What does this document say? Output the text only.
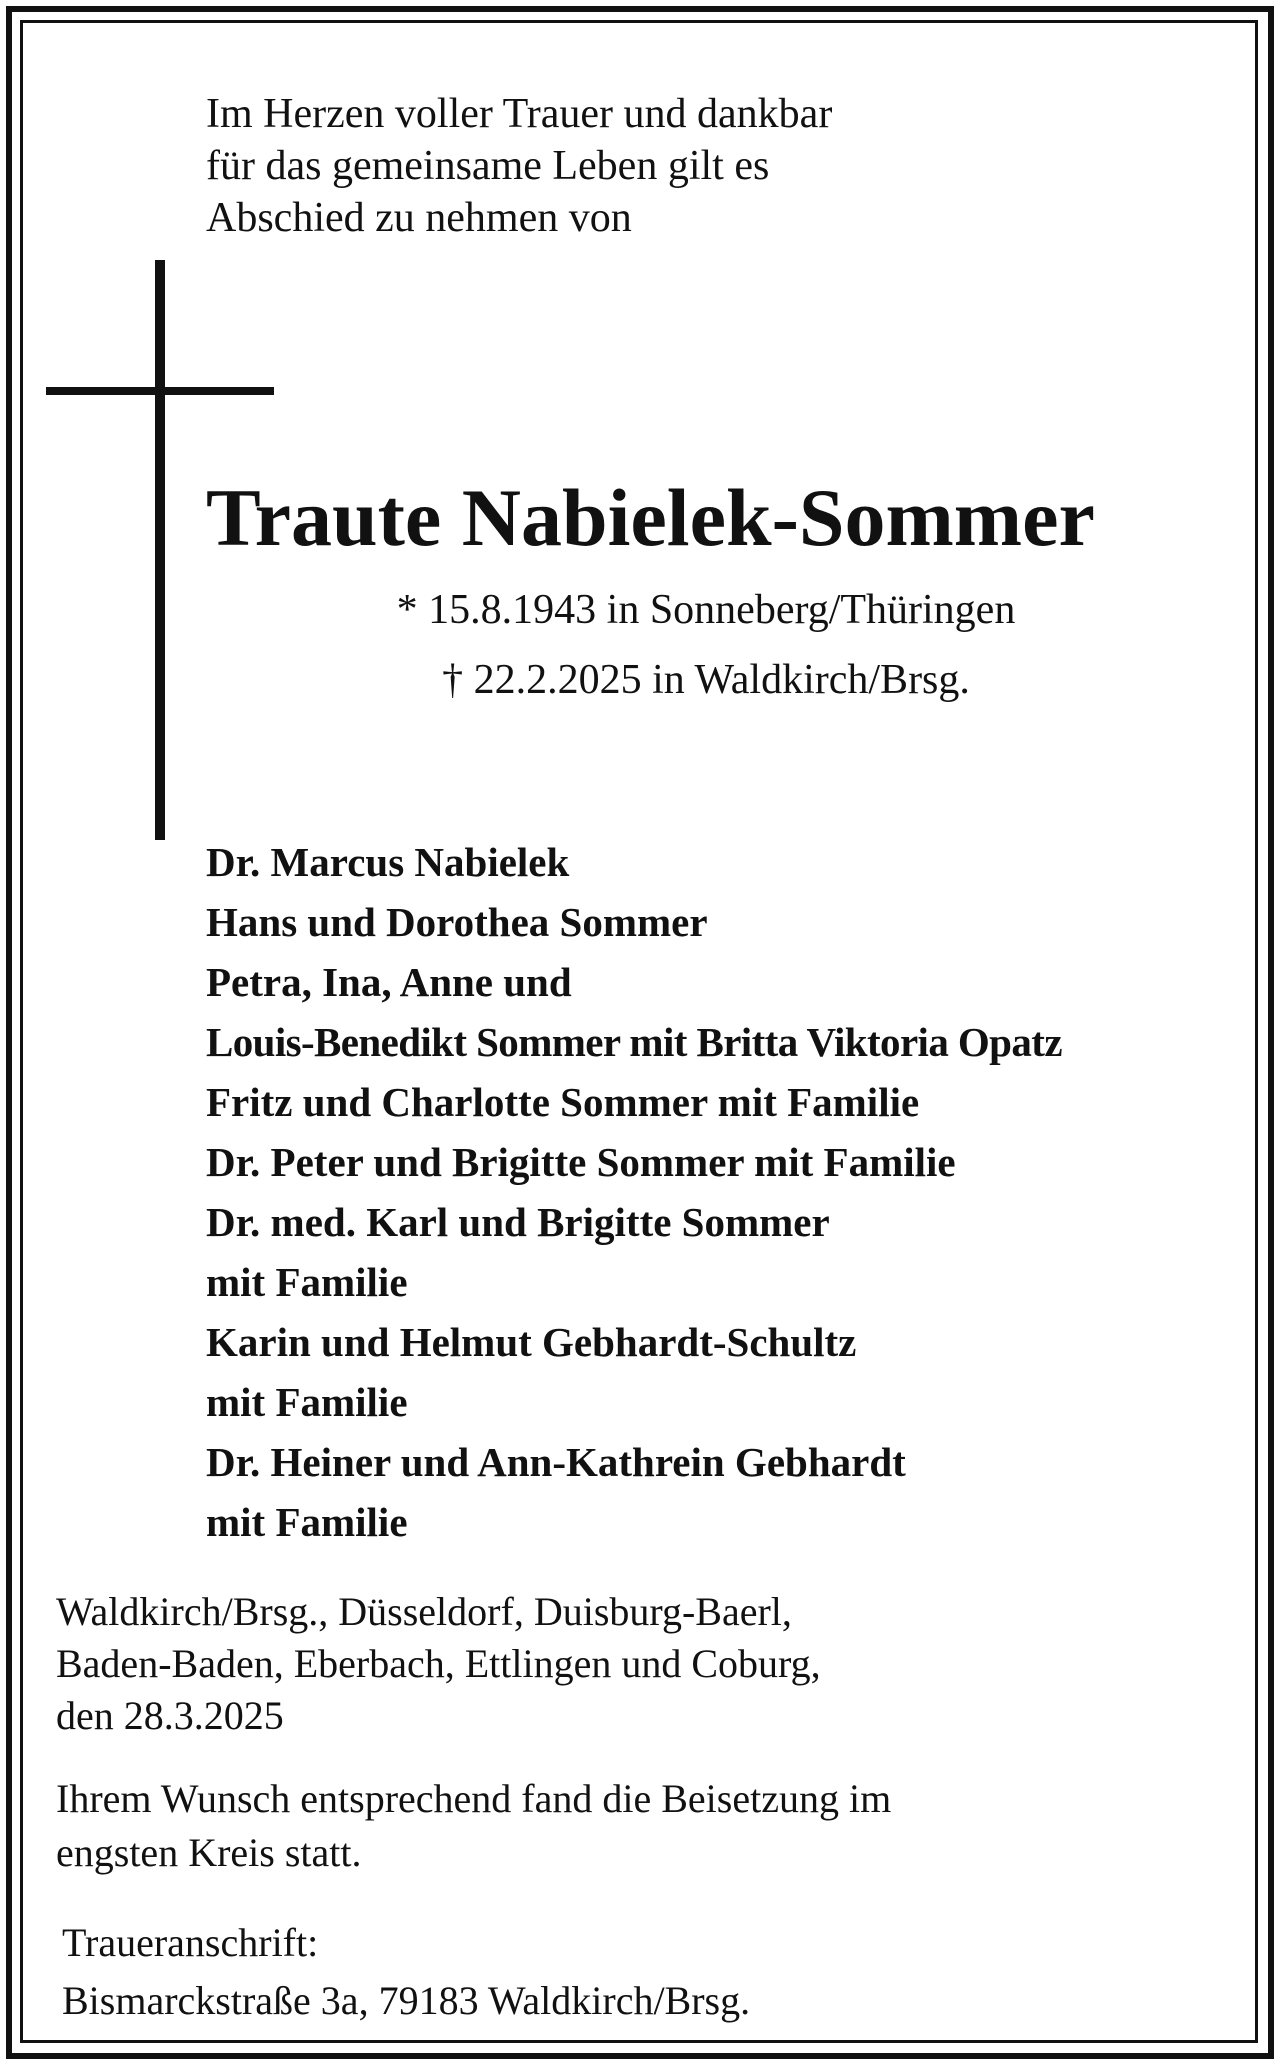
Im Herzen voller Trauer und dankbar
für das gemeinsame Leben gilt es
Abschied zu nehmen von
Traute Nabielek-Sommer
* 15.8.1943 in Sonneberg/Thüringen
† 22.2.2025 in Waldkirch/Brsg.
Dr. Marcus Nabielek
Hans und Dorothea Sommer
Petra, Ina, Anne und
Louis-Benedikt Sommer mit Britta Viktoria Opatz
Fritz und Charlotte Sommer mit Familie
Dr. Peter und Brigitte Sommer mit Familie
Dr. med. Karl und Brigitte Sommer
mit Familie
Karin und Helmut Gebhardt-Schultz
mit Familie
Dr. Heiner und Ann-Kathrein Gebhardt
mit Familie
Waldkirch/Brsg., Düsseldorf, Duisburg-Baerl,
Baden-Baden, Eberbach, Ettlingen und Coburg,
den 28.3.2025
Ihrem Wunsch entsprechend fand die Beisetzung im
engsten Kreis statt.
Traueranschrift:
Bismarckstraße 3a, 79183 Waldkirch/Brsg.
